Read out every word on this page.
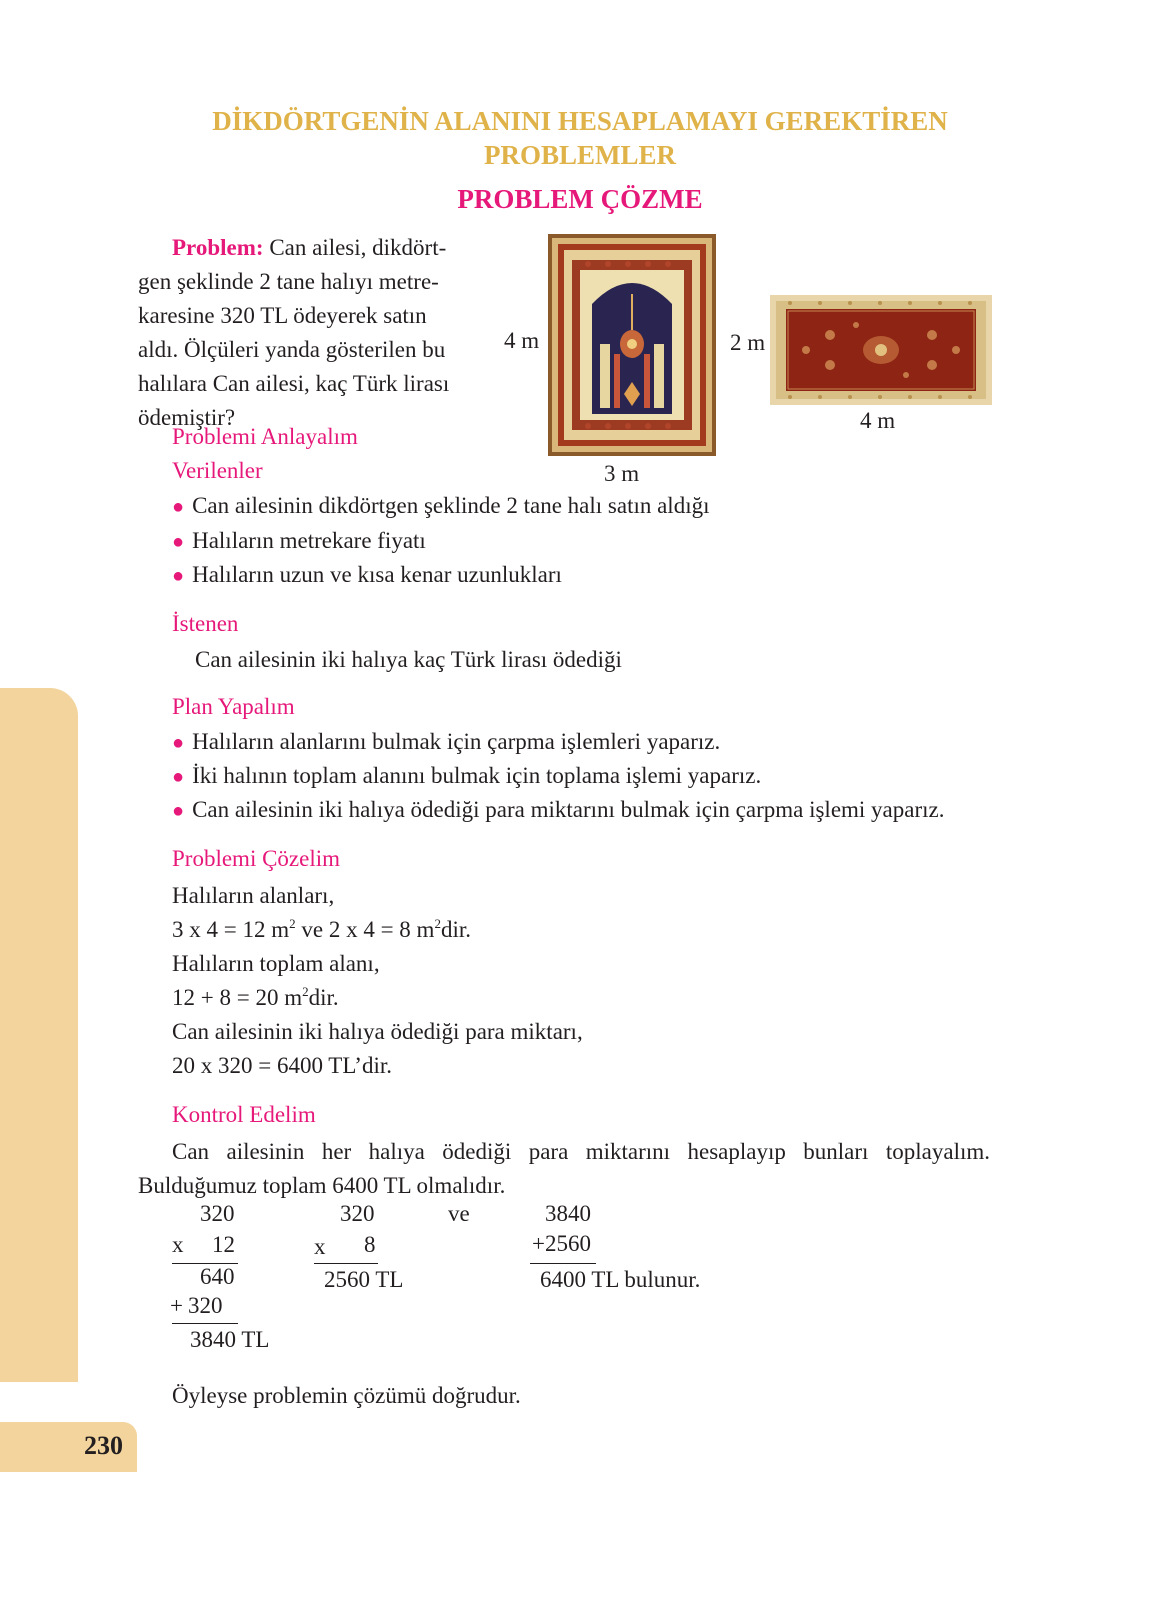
230
DİKDÖRTGENİN ALANINI HESAPLAMAYI GEREKTİREN
PROBLEMLER
PROBLEM ÇÖZME
Problem: Can ailesi, dikdört-
gen şeklinde 2 tane halıyı metre-
karesine 320 TL ödeyerek satın
aldı. Ölçüleri yanda gösterilen bu
halılara Can ailesi, kaç Türk lirası
ödemiştir?
4 m
3 m
2 m
4 m
Problemi Anlayalım
Verilenler
● Can ailesinin dikdörtgen şeklinde 2 tane halı satın aldığı
● Halıların metrekare fiyatı
● Halıların uzun ve kısa kenar uzunlukları
İstenen
Can ailesinin iki halıya kaç Türk lirası ödediği
Plan Yapalım
● Halıların alanlarını bulmak için çarpma işlemleri yaparız.
● İki halının toplam alanını bulmak için toplama işlemi yaparız.
● Can ailesinin iki halıya ödediği para miktarını bulmak için çarpma işlemi yaparız.
Problemi Çözelim
Halıların alanları,
3 x 4 = 12 $m^2$ ve 2 x 4 = 8 $m^2dir$.
Halıların toplam alanı,
12 + 8 = 20 $m^2dir$.
Can ailesinin iki halıya ödediği para miktarı,
20 x 320 = 6400 TL’dir.
Kontrol Edelim
Can ailesinin her halıya ödediği para miktarını hesaplayıp bunları toplayalım.
Bulduğumuz toplam 6400 TL olmalıdır.
320
x 12
640
+ 320
3840 TL
320
x 8
2560 TL
ve	3840
+2560
6400 TL bulunur.
Öyleyse problemin çözümü doğrudur.
